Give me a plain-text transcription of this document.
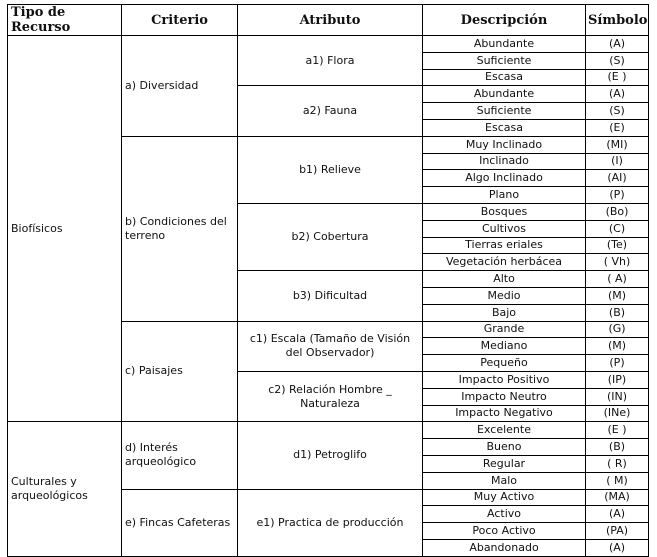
Tipo de Recurso	Criterio	Atributo	Descripción	Símbolo
Biofísicos	a) Diversidad	a1) Flora	Abundante	(A)
			Suficiente	(S)
			Escasa	(E )
		a2) Fauna	Abundante	(A)
			Suficiente	(S)
			Escasa	(E)
	b) Condiciones del terreno	b1) Relieve	Muy Inclinado	(MI)
			Inclinado	(I)
			Algo Inclinado	(AI)
			Plano	(P)
		b2) Cobertura	Bosques	(Bo)
			Cultivos	(C)
			Tierras eriales	(Te)
			Vegetación herbácea	( Vh)
		b3) Dificultad	Alto	( A)
			Medio	(M)
			Bajo	(B)
	c) Paisajes	c1) Escala (Tamaño de Visión del Observador)	Grande	(G)
			Mediano	(M)
			Pequeño	(P)
		c2) Relación Hombre _ Naturaleza	Impacto Positivo	(IP)
			Impacto Neutro	(IN)
			Impacto Negativo	(INe)
Culturales y arqueológicos	d) Interés arqueológico	d1) Petroglifo	Excelente	(E )
			Bueno	(B)
			Regular	( R)
			Malo	( M)
	e) Fincas Cafeteras	e1) Practica de producción	Muy Activo	(MA)
			Activo	(A)
			Poco Activo	(PA)
			Abandonado	(A)
